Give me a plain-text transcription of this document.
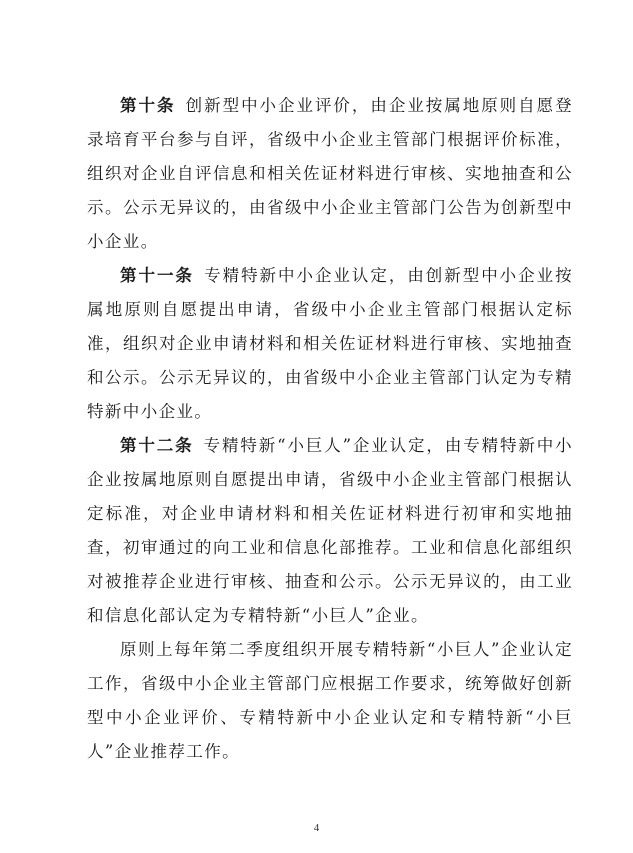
第十条  创新型中小企业评价，由企业按属地原则自愿登录培育平台参与自评，省级中小企业主管部门根据评价标准，组织对企业自评信息和相关佐证材料进行审核、实地抽查和公示。公示无异议的，由省级中小企业主管部门公告为创新型中小企业。

第十一条  专精特新中小企业认定，由创新型中小企业按属地原则自愿提出申请，省级中小企业主管部门根据认定标准，组织对企业申请材料和相关佐证材料进行审核、实地抽查和公示。公示无异议的，由省级中小企业主管部门认定为专精特新中小企业。

第十二条  专精特新“小巨人”企业认定，由专精特新中小企业按属地原则自愿提出申请，省级中小企业主管部门根据认定标准，对企业申请材料和相关佐证材料进行初审和实地抽查，初审通过的向工业和信息化部推荐。工业和信息化部组织对被推荐企业进行审核、抽查和公示。公示无异议的，由工业和信息化部认定为专精特新“小巨人”企业。

原则上每年第二季度组织开展专精特新“小巨人”企业认定工作，省级中小企业主管部门应根据工作要求，统筹做好创新型中小企业评价、专精特新中小企业认定和专精特新“小巨人”企业推荐工作。

4
